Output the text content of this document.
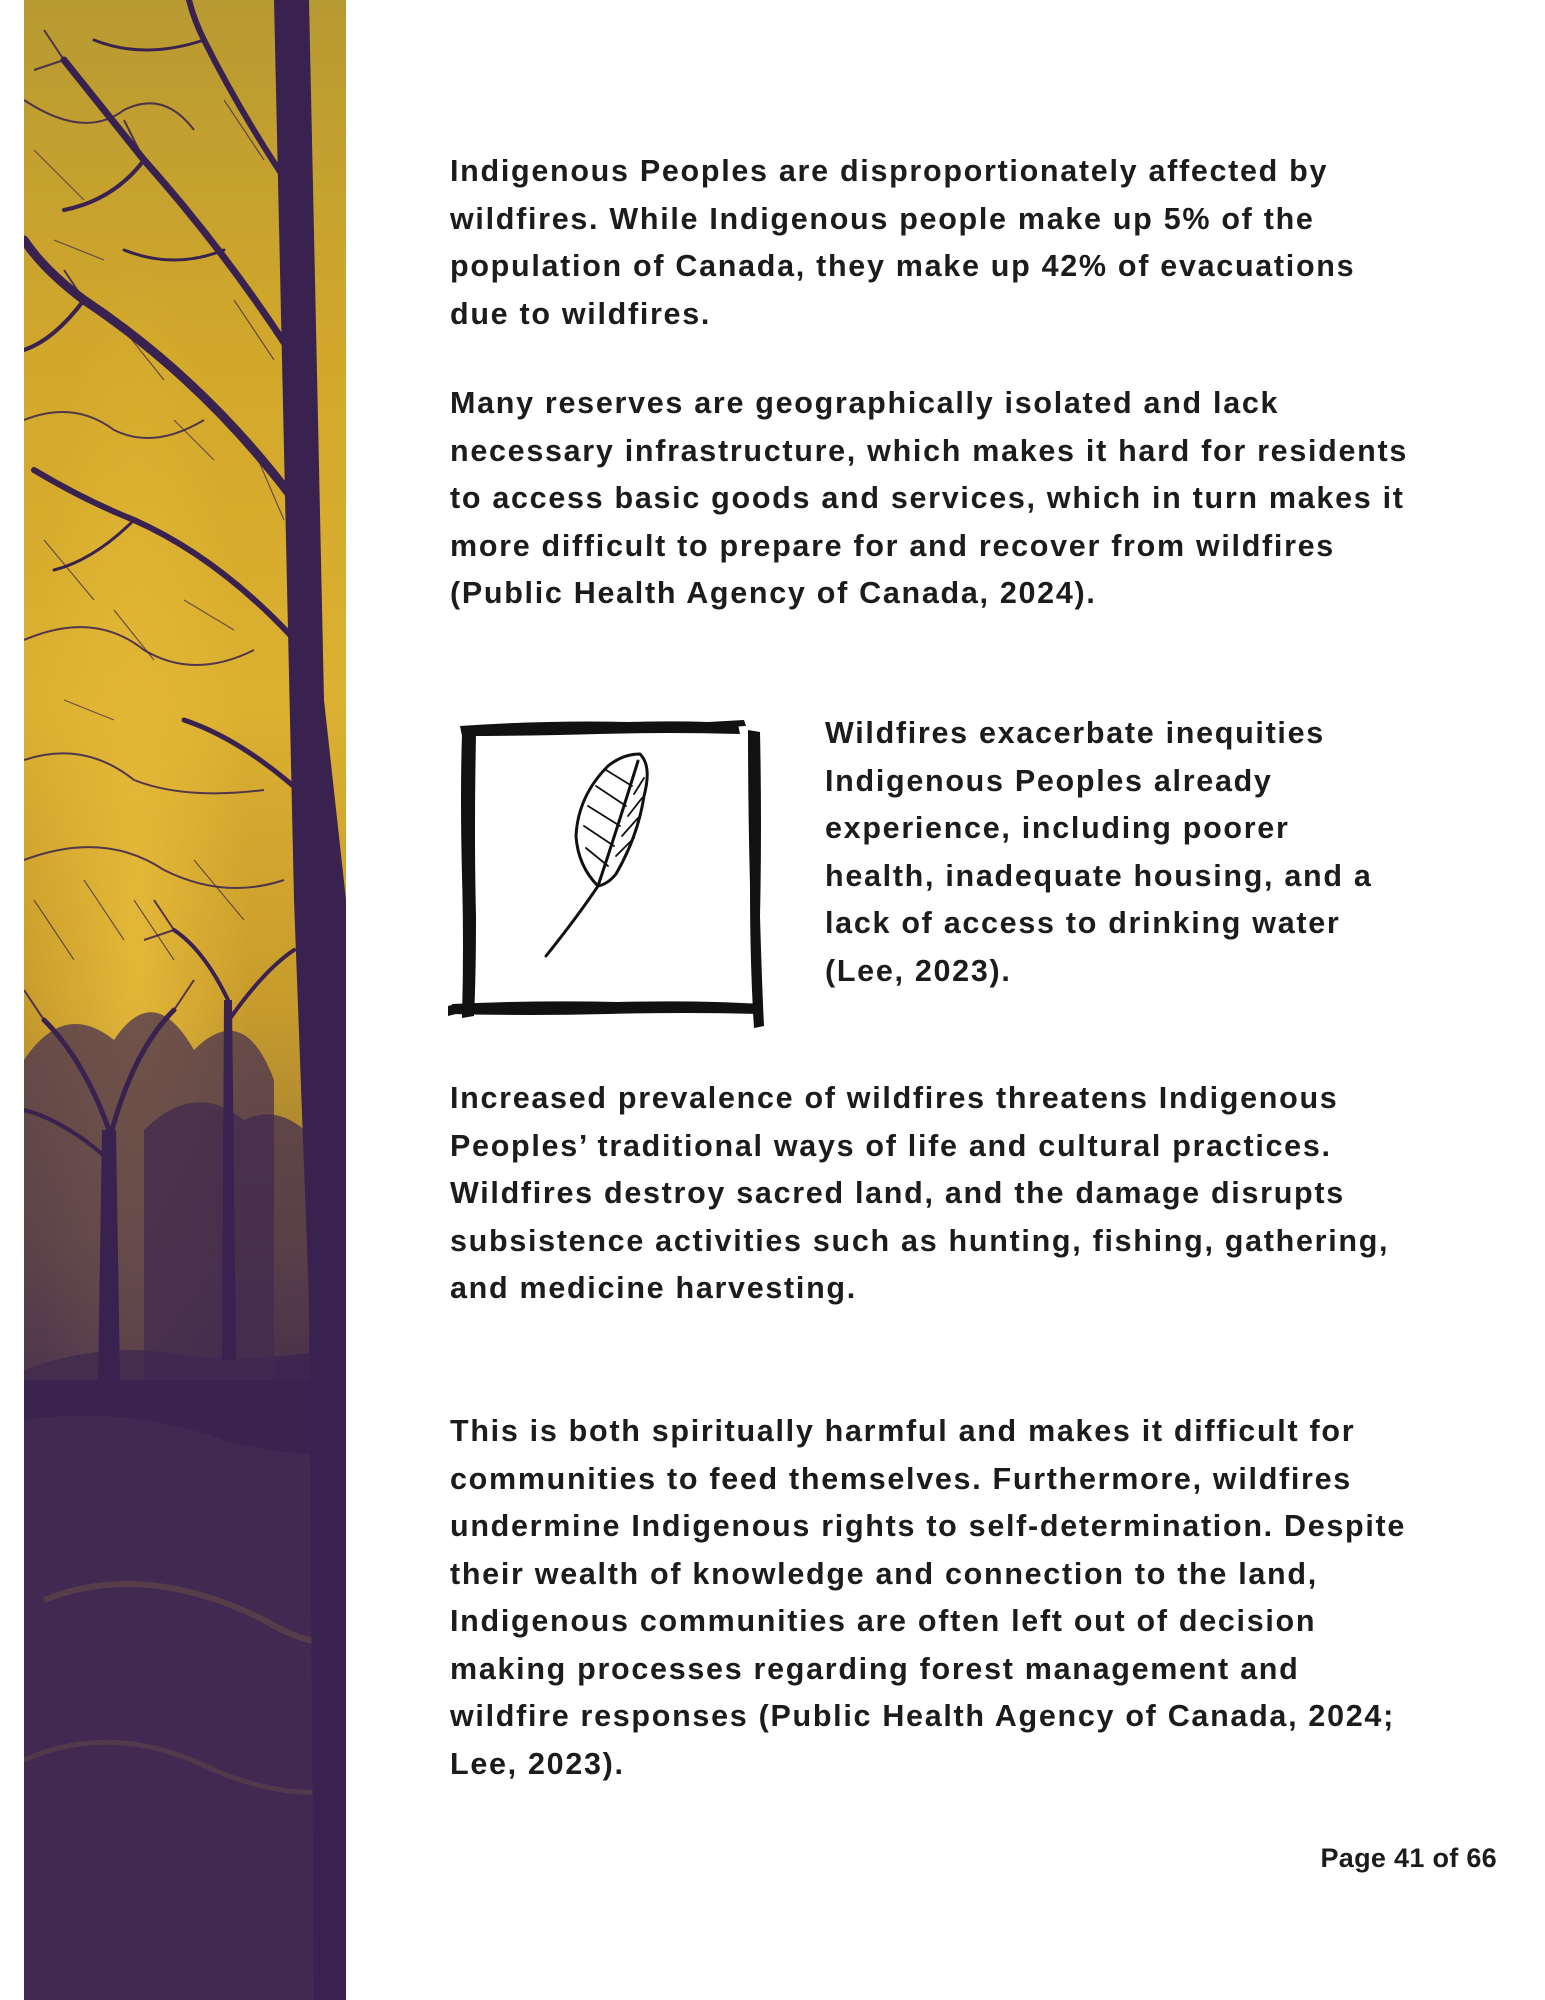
Indigenous Peoples are disproportionately affected by wildfires. While Indigenous people make up 5% of the population of Canada, they make up 42% of evacuations due to wildfires.

Many reserves are geographically isolated and lack necessary infrastructure, which makes it hard for residents to access basic goods and services, which in turn makes it more difficult to prepare for and recover from wildfires (Public Health Agency of Canada, 2024).

Wildfires exacerbate inequities Indigenous Peoples already experience, including poorer health, inadequate housing, and a lack of access to drinking water (Lee, 2023).

Increased prevalence of wildfires threatens Indigenous Peoples’ traditional ways of life and cultural practices. Wildfires destroy sacred land, and the damage disrupts subsistence activities such as hunting, fishing, gathering, and medicine harvesting.

This is both spiritually harmful and makes it difficult for communities to feed themselves. Furthermore, wildfires undermine Indigenous rights to self-determination. Despite their wealth of knowledge and connection to the land, Indigenous communities are often left out of decision making processes regarding forest management and wildfire responses (Public Health Agency of Canada, 2024; Lee, 2023).

Page 41 of 66
